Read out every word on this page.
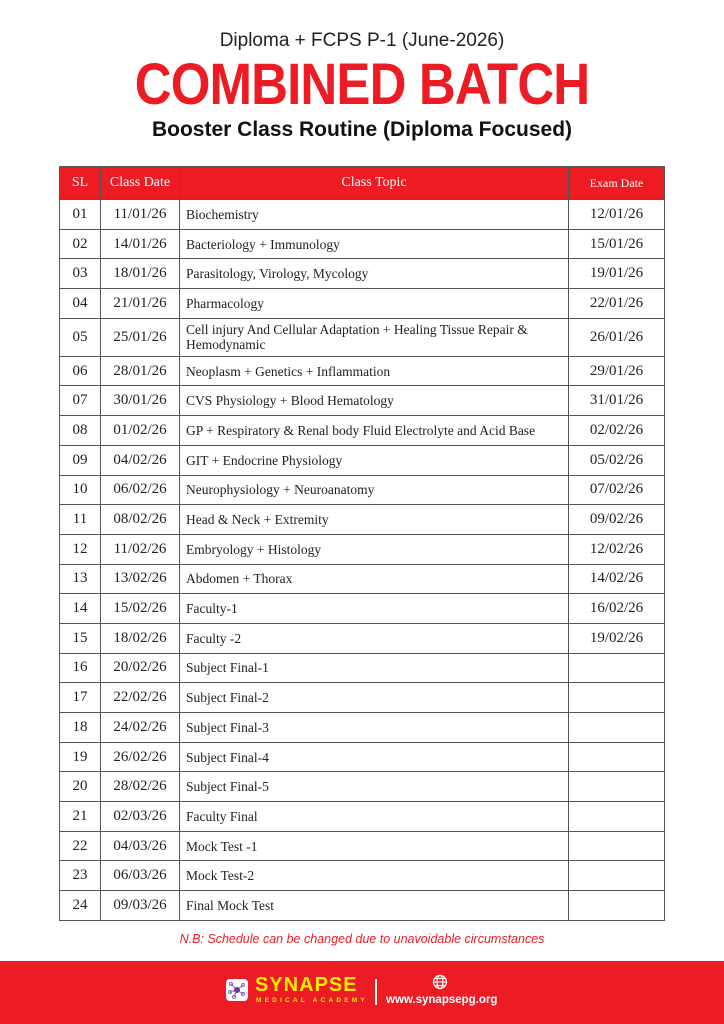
Diploma + FCPS P-1 (June-2026)
COMBINED BATCH
Booster Class Routine (Diploma Focused)
SL	Class Date	Class Topic	Exam Date
01	11/01/26	Biochemistry	12/01/26
02	14/01/26	Bacteriology + Immunology	15/01/26
03	18/01/26	Parasitology, Virology, Mycology	19/01/26
04	21/01/26	Pharmacology	22/01/26
05	25/01/26	Cell injury And Cellular Adaptation + Healing Tissue Repair & Hemodynamic	26/01/26
06	28/01/26	Neoplasm + Genetics + Inflammation	29/01/26
07	30/01/26	CVS Physiology + Blood Hematology	31/01/26
08	01/02/26	GP + Respiratory & Renal body Fluid Electrolyte and Acid Base	02/02/26
09	04/02/26	GIT + Endocrine Physiology	05/02/26
10	06/02/26	Neurophysiology + Neuroanatomy	07/02/26
11	08/02/26	Head & Neck + Extremity	09/02/26
12	11/02/26	Embryology + Histology	12/02/26
13	13/02/26	Abdomen + Thorax	14/02/26
14	15/02/26	Faculty-1	16/02/26
15	18/02/26	Faculty -2	19/02/26
16	20/02/26	Subject Final-1	
17	22/02/26	Subject Final-2	
18	24/02/26	Subject Final-3	
19	26/02/26	Subject Final-4	
20	28/02/26	Subject Final-5	
21	02/03/26	Faculty Final	
22	04/03/26	Mock Test -1	
23	06/03/26	Mock Test-2	
24	09/03/26	Final Mock Test	
N.B: Schedule can be changed due to unavoidable circumstances
SYNAPSE
MEDICAL ACADEMY www.synapsepg.org
